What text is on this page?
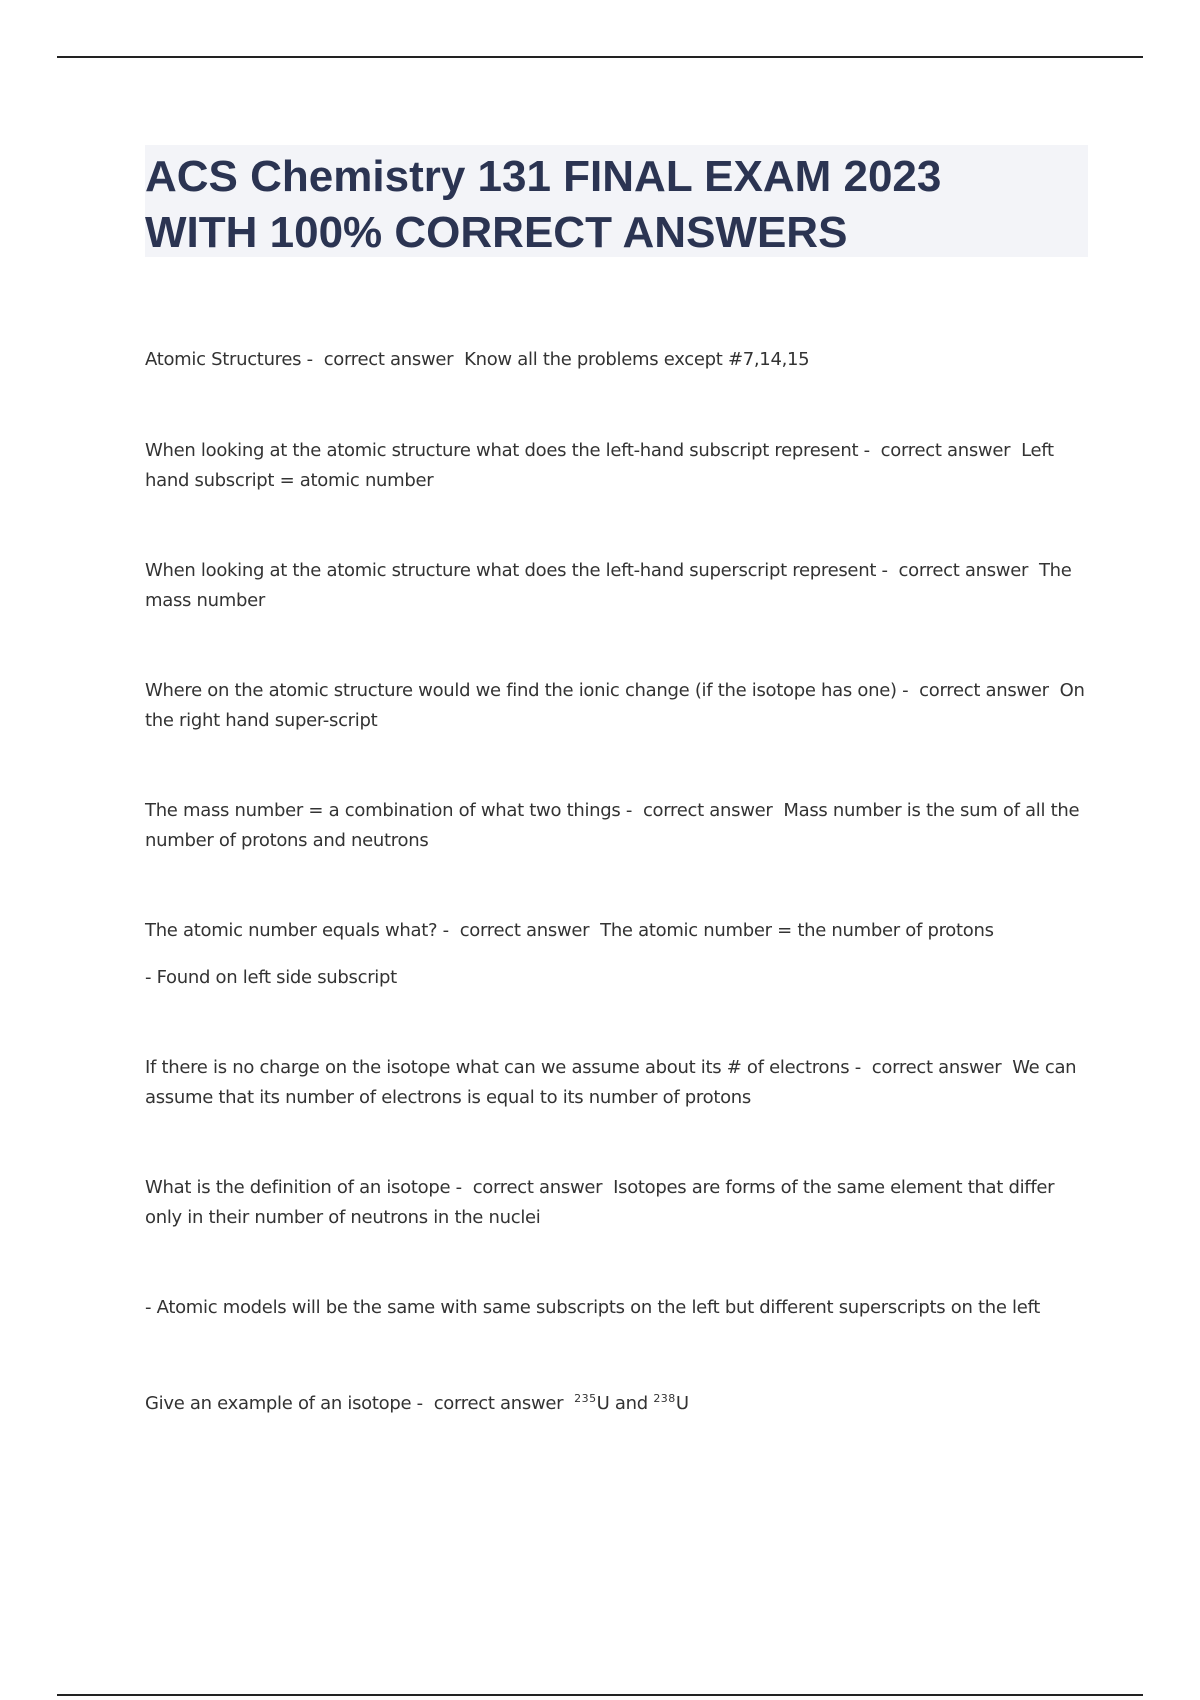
ACS Chemistry 131 FINAL EXAM 2023
WITH 100% CORRECT ANSWERS
Atomic Structures -  correct answer  Know all the problems except #7,14,15
When looking at the atomic structure what does the left-hand subscript represent -  correct answer  Left hand subscript = atomic number
When looking at the atomic structure what does the left-hand superscript represent -  correct answer  The mass number
Where on the atomic structure would we find the ionic change (if the isotope has one) -  correct answer  On the right hand super-script
The mass number = a combination of what two things -  correct answer  Mass number is the sum of all the number of protons and neutrons
The atomic number equals what? -  correct answer  The atomic number = the number of protons
- Found on left side subscript
If there is no charge on the isotope what can we assume about its # of electrons -  correct answer  We can assume that its number of electrons is equal to its number of protons
What is the definition of an isotope -  correct answer  Isotopes are forms of the same element that differ only in their number of neutrons in the nuclei
- Atomic models will be the same with same subscripts on the left but different superscripts on the left
Give an example of an isotope -  correct answer  $^{235}$U and $^{238}$U
